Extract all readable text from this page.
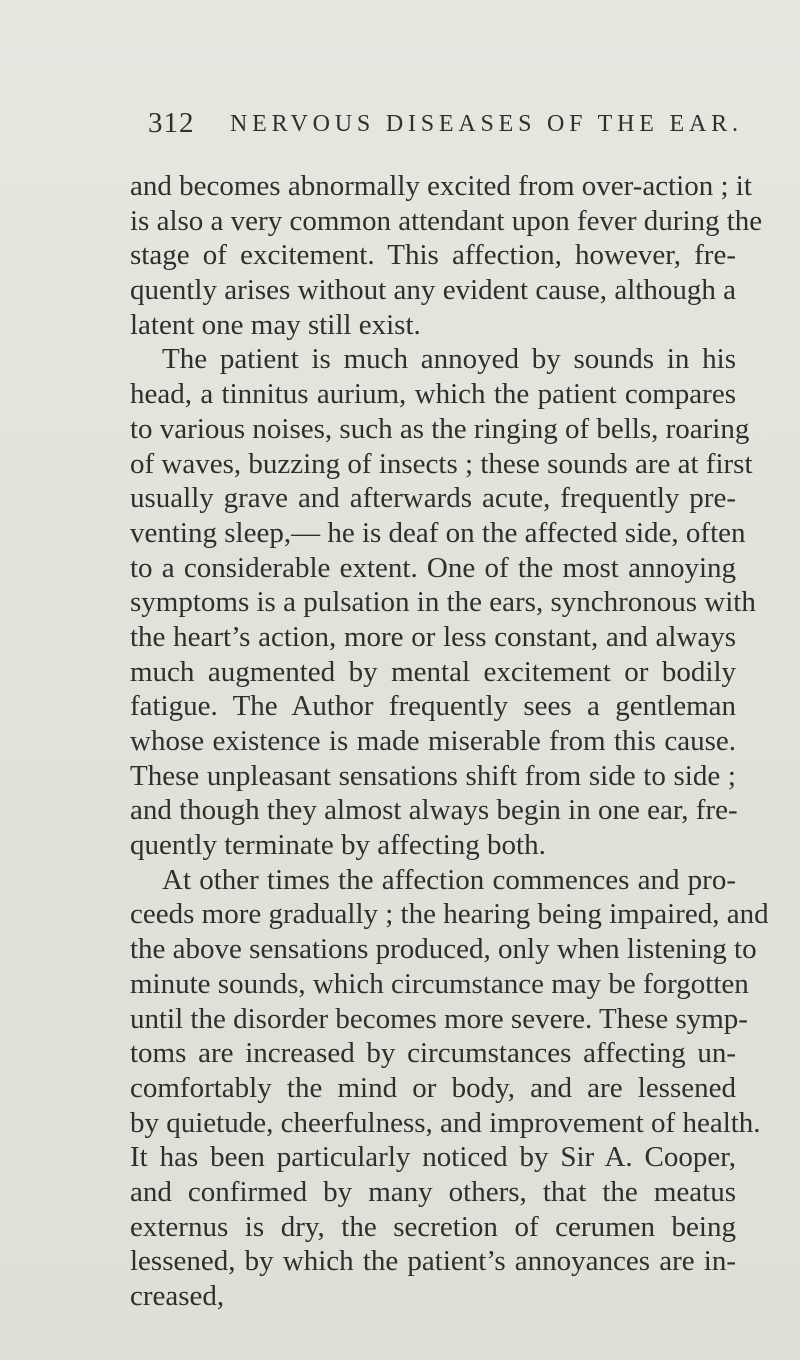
312 NERVOUS DISEASES OF THE EAR.
and becomes abnormally excited from over-action ; it
is also a very common attendant upon fever during the
stage of excitement. This affection, however, fre-
quently arises without any evident cause, although a
latent one may still exist.
The patient is much annoyed by sounds in his
head, a tinnitus aurium, which the patient compares
to various noises, such as the ringing of bells, roaring
of waves, buzzing of insects ; these sounds are at first
usually grave and afterwards acute, frequently pre-
venting sleep,— he is deaf on the affected side, often
to a considerable extent. One of the most annoying
symptoms is a pulsation in the ears, synchronous with
the heart’s action, more or less constant, and always
much augmented by mental excitement or bodily
fatigue. The Author frequently sees a gentleman
whose existence is made miserable from this cause.
These unpleasant sensations shift from side to side ;
and though they almost always begin in one ear, fre-
quently terminate by affecting both.
At other times the affection commences and pro-
ceeds more gradually ; the hearing being impaired, and
the above sensations produced, only when listening to
minute sounds, which circumstance may be forgotten
until the disorder becomes more severe. These symp-
toms are increased by circumstances affecting un-
comfortably the mind or body, and are lessened
by quietude, cheerfulness, and improvement of health.
It has been particularly noticed by Sir A. Cooper,
and confirmed by many others, that the meatus
externus is dry, the secretion of cerumen being
lessened, by which the patient’s annoyances are in-
creased,
